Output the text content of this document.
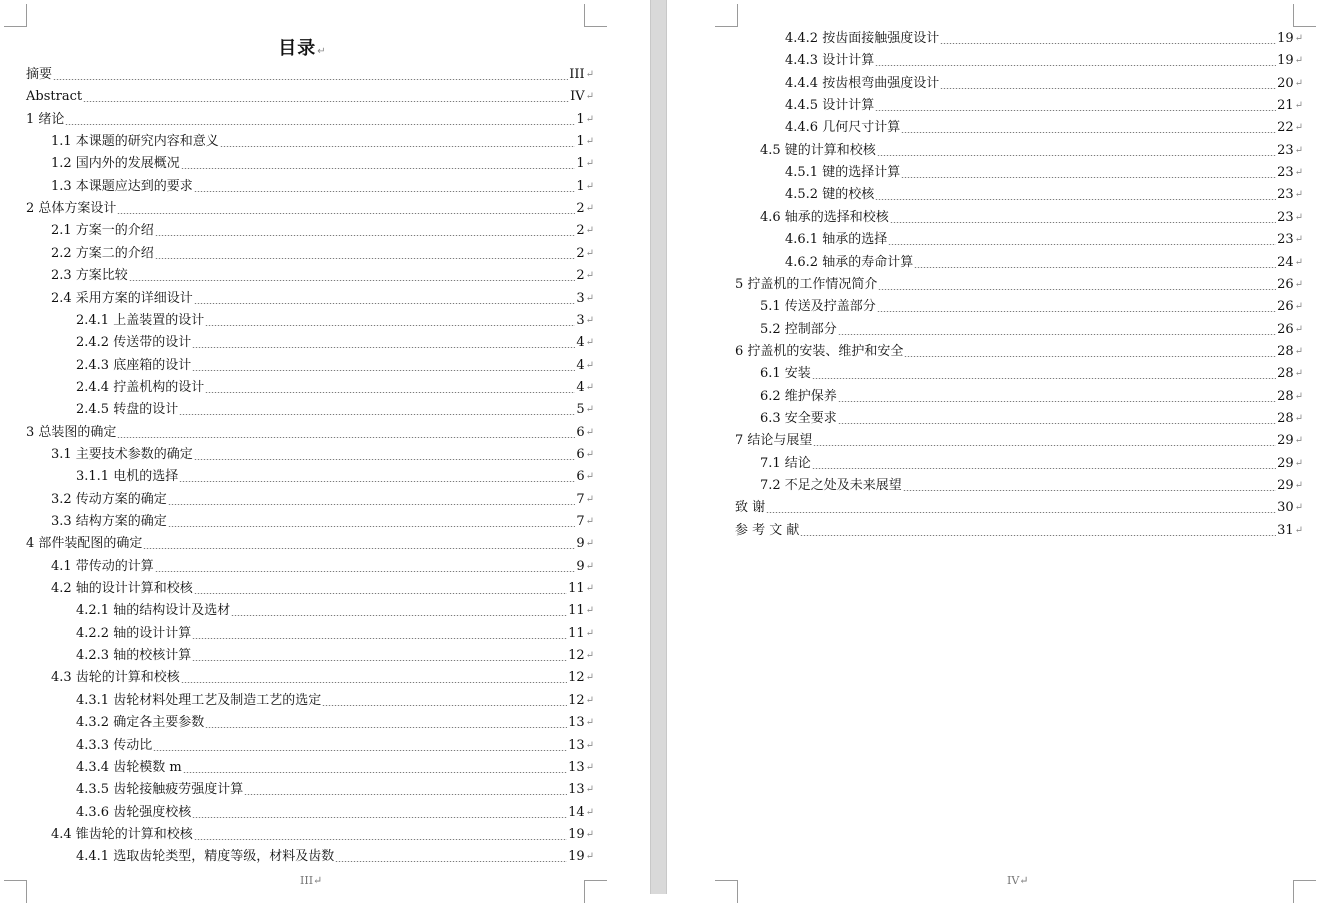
目录↵
摘要	III ↵
Abstract	IV ↵
1 绪论	1 ↵
1.1 本课题的研究内容和意义	1 ↵
1.2 国内外的发展概况	1 ↵
1.3 本课题应达到的要求	1 ↵
2 总体方案设计	2 ↵
2.1 方案一的介绍	2 ↵
2.2 方案二的介绍	2 ↵
2.3 方案比较	2 ↵
2.4 采用方案的详细设计	3 ↵
2.4.1 上盖装置的设计	3 ↵
2.4.2 传送带的设计	4 ↵
2.4.3 底座箱的设计	4 ↵
2.4.4 拧盖机构的设计	4 ↵
2.4.5 转盘的设计	5 ↵
3 总装图的确定	6 ↵
3.1 主要技术参数的确定	6 ↵
3.1.1 电机的选择	6 ↵
3.2 传动方案的确定	7 ↵
3.3 结构方案的确定	7 ↵
4 部件装配图的确定	9 ↵
4.1 带传动的计算	9 ↵
4.2 轴的设计计算和校核	11 ↵
4.2.1 轴的结构设计及选材	11 ↵
4.2.2 轴的设计计算	11 ↵
4.2.3 轴的校核计算	12 ↵
4.3 齿轮的计算和校核	12 ↵
4.3.1 齿轮材料处理工艺及制造工艺的选定	12 ↵
4.3.2 确定各主要参数	13 ↵
4.3.3 传动比	13 ↵
4.3.4 齿轮模数 m	13 ↵
4.3.5 齿轮接触疲劳强度计算	13 ↵
4.3.6 齿轮强度校核	14 ↵
4.4 锥齿轮的计算和校核	19 ↵
4.4.1 选取齿轮类型，精度等级，材料及齿数	19 ↵
III↵
4.4.2 按齿面接触强度设计	19 ↵
4.4.3 设计计算	19 ↵
4.4.4 按齿根弯曲强度设计	20 ↵
4.4.5 设计计算	21 ↵
4.4.6 几何尺寸计算	22 ↵
4.5 键的计算和校核	23 ↵
4.5.1 键的选择计算	23 ↵
4.5.2 键的校核	23 ↵
4.6 轴承的选择和校核	23 ↵
4.6.1 轴承的选择	23 ↵
4.6.2 轴承的寿命计算	24 ↵
5 拧盖机的工作情况简介	26 ↵
5.1 传送及拧盖部分	26 ↵
5.2 控制部分	26 ↵
6 拧盖机的安装、维护和安全	28 ↵
6.1 安装	28 ↵
6.2 维护保养	28 ↵
6.3 安全要求	28 ↵
7 结论与展望	29 ↵
7.1 结论	29 ↵
7.2 不足之处及未来展望	29 ↵
致 谢	30 ↵
参 考 文 献	31 ↵
IV↵
